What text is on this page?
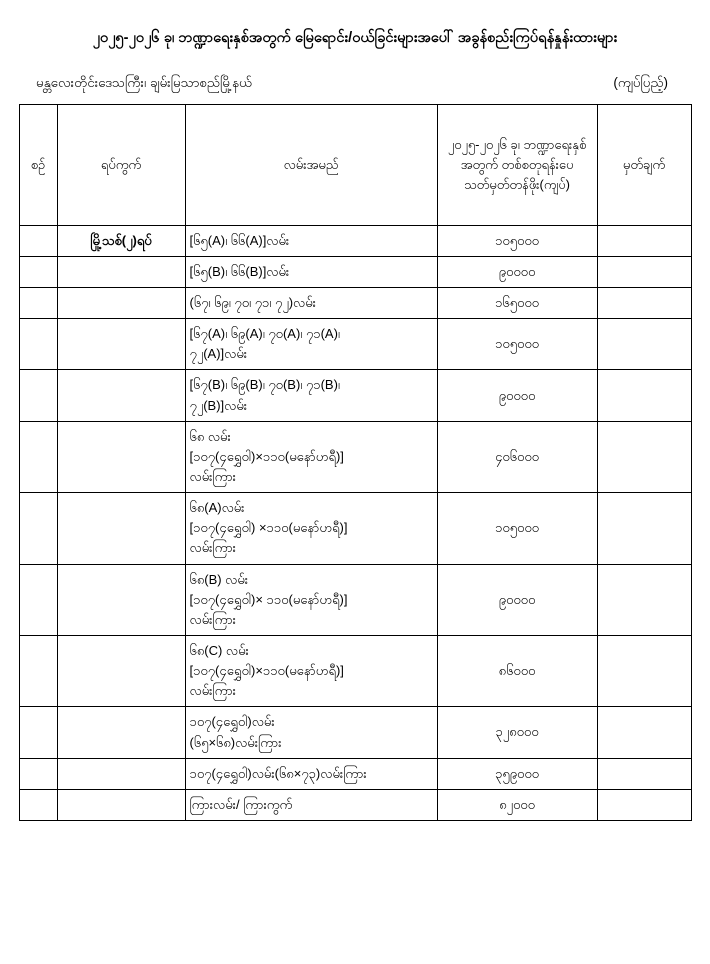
၂၀၂၅-၂၀၂၆ ခု၊ ဘဏ္ဍာရေးနှစ်အတွက် မြေရောင်း/ဝယ်ခြင်းများအပေါ် အခွန်စည်းကြပ်ရန်နှုန်းထားများ
မန္တလေးတိုင်းဒေသကြီး၊ ချမ်းမြသာစည်မြို့နယ်	(ကျပ်ပြည့်)
စဉ်	ရပ်ကွက်	လမ်းအမည်	၂၀၂၅-၂၀၂၆ ခု၊ ဘဏ္ဍာရေးနှစ်အတွက် တစ်စတုရန်းပေ သတ်မှတ်တန်ဖိုး(ကျပ်)	မှတ်ချက်
	မြို့သစ်(၂)ရပ်	[၆၅(A)၊ ၆၆(A)]လမ်း	၁၀၅၀၀၀	

		[၆၅(B)၊ ၆၆(B)]လမ်း	၉၀၀၀၀	

		(၆၇၊ ၆၉၊ ၇၀၊ ၇၁၊ ၇၂)လမ်း	၁၆၅၀၀၀	

		[၆၇(A)၊ ၆၉(A)၊ ၇၀(A)၊ ၇၁(A)၊
၇၂(A)]လမ်း	၁၀၅၀၀၀	

		[၆၇(B)၊ ၆၉(B)၊ ၇၀(B)၊ ၇၁(B)၊
၇၂(B)]လမ်း	၉၀၀၀၀	

		၆၈ လမ်း
[၁၀၇(၄ရွှေဝါ)×၁၁၀(မနော်ဟရီ)]
လမ်းကြား	၄၀၆၀၀၀	

		၆၈(A)လမ်း
[၁၀၇(၄ရွှေဝါ) ×၁၁၀(မနော်ဟရီ)]
လမ်းကြား	၁၀၅၀၀၀	

		၆၈(B) လမ်း
[၁၀၇(၄ရွှေဝါ)× ၁၁၀(မနော်ဟရီ)]
လမ်းကြား	၉၀၀၀၀	

		၆၈(C) လမ်း
[၁၀၇(၄ရွှေဝါ)×၁၁၀(မနော်ဟရီ)]
လမ်းကြား	၈၆၀၀၀	

		၁၀၇(၄ရွှေဝါ)လမ်း
(၆၅×၆၈)လမ်းကြား	၃၂၈၀၀၀	

		၁၀၇(၄ရွှေဝါ)လမ်း(၆၈×၇၃)လမ်းကြား	၃၅၉၀၀၀	

		ကြားလမ်း/ ကြားကွက်	၈၂၀၀၀	
